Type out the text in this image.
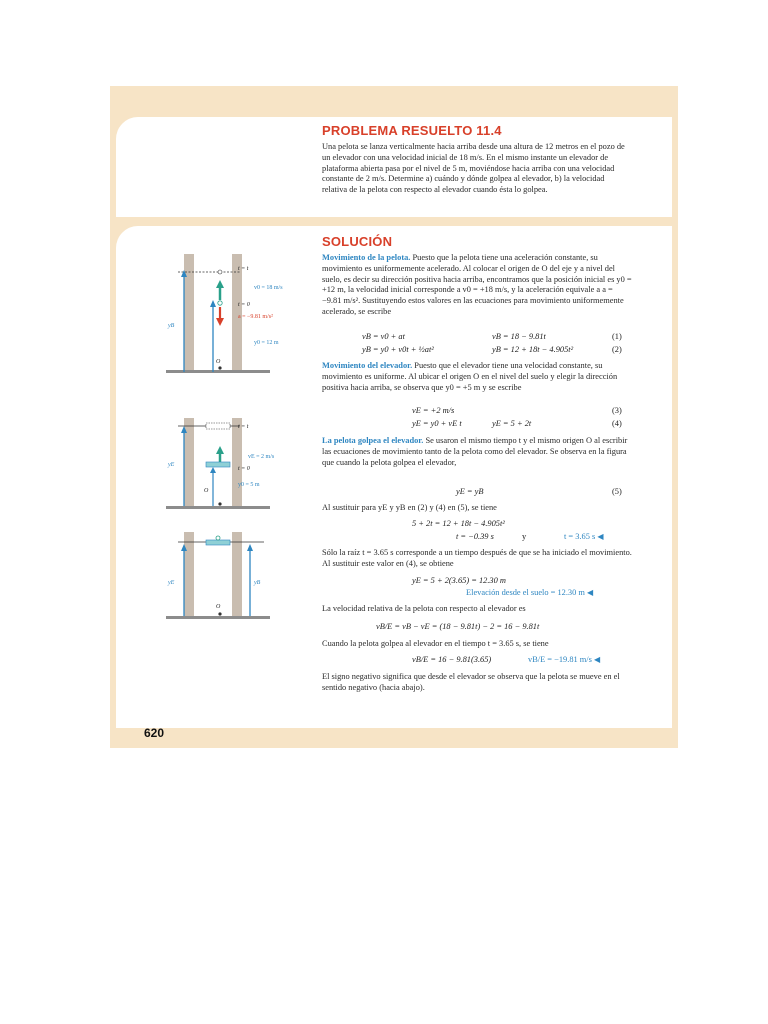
PROBLEMA RESUELTO 11.4

Una pelota se lanza verticalmente hacia arriba desde una altura de 12 metros en el pozo de un elevador con una velocidad inicial de 18 m/s. En el mismo instante un elevador de plataforma abierta pasa por el nivel de 5 m, moviéndose hacia arriba con una velocidad constante de 2 m/s. Determine a) cuándo y dónde golpea al elevador, b) la velocidad relativa de la pelota con respecto al elevador cuando ésta lo golpea.

SOLUCIÓN

Movimiento de la pelota. Puesto que la pelota tiene una aceleración constante, su movimiento es uniformemente acelerado. Al colocar el origen de O del eje y a nivel del suelo, es decir su dirección positiva hacia arriba, encontramos que la posición inicial es y0 = +12 m, la velocidad inicial corresponde a v0 = +18 m/s, y la aceleración equivale a a = −9.81 m/s². Sustituyendo estos valores en las ecuaciones para movimiento uniformemente acelerado, se escribe

vB = v0 + at	vB = 18 − 9.81t	(1)
yB = y0 + v0t + ½at²	yB = 12 + 18t − 4.905t²	(2)

Movimiento del elevador. Puesto que el elevador tiene una velocidad constante, su movimiento es uniforme. Al ubicar el origen O en el nivel del suelo y elegir la dirección positiva hacia arriba, se observa que y0 = +5 m y se escribe

vE = +2 m/s	(3)
yE = y0 + vE t	yE = 5 + 2t	(4)

La pelota golpea el elevador. Se usaron el mismo tiempo t y el mismo origen O al escribir las ecuaciones de movimiento tanto de la pelota como del elevador. Se observa en la figura que cuando la pelota golpea el elevador,

yE = yB	(5)
Al sustituir para yE y yB en (2) y (4) en (5), se tiene
5 + 2t = 12 + 18t − 4.905t²
t = −0.39 s	y	t = 3.65 s ◀
Sólo la raíz t = 3.65 s corresponde a un tiempo después de que se ha iniciado el movimiento. Al sustituir este valor en (4), se obtiene
yE = 5 + 2(3.65) = 12.30 m
Elevación desde el suelo = 12.30 m ◀
La velocidad relativa de la pelota con respecto al elevador es
vB/E = vB − vE = (18 − 9.81t) − 2 = 16 − 9.81t
Cuando la pelota golpea al elevador en el tiempo t = 3.65 s, se tiene
vB/E = 16 − 9.81(3.65)	vB/E = −19.81 m/s ◀
El signo negativo significa que desde el elevador se observa que la pelota se mueve en el sentido negativo (hacia abajo).
t = t
v0 = 18 m/s
t = 0
a = −9.81 m/s²
yB
y0 = 12 m
O
t = t
yE
vE = 2 m/s
t = 0
O
y0 = 5 m
yE	yB
O
620
